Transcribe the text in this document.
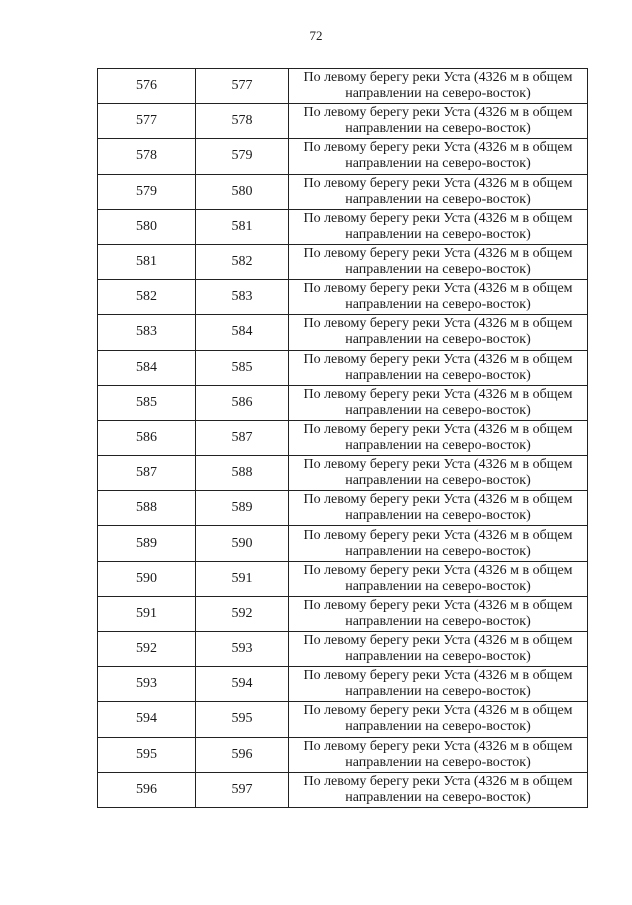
72
576	577	По левому берегу реки Уста (4326 м в общем
направлении на северо-восток)

577	578	По левому берегу реки Уста (4326 м в общем
направлении на северо-восток)

578	579	По левому берегу реки Уста (4326 м в общем
направлении на северо-восток)

579	580	По левому берегу реки Уста (4326 м в общем
направлении на северо-восток)

580	581	По левому берегу реки Уста (4326 м в общем
направлении на северо-восток)

581	582	По левому берегу реки Уста (4326 м в общем
направлении на северо-восток)

582	583	По левому берегу реки Уста (4326 м в общем
направлении на северо-восток)

583	584	По левому берегу реки Уста (4326 м в общем
направлении на северо-восток)

584	585	По левому берегу реки Уста (4326 м в общем
направлении на северо-восток)

585	586	По левому берегу реки Уста (4326 м в общем
направлении на северо-восток)

586	587	По левому берегу реки Уста (4326 м в общем
направлении на северо-восток)

587	588	По левому берегу реки Уста (4326 м в общем
направлении на северо-восток)

588	589	По левому берегу реки Уста (4326 м в общем
направлении на северо-восток)

589	590	По левому берегу реки Уста (4326 м в общем
направлении на северо-восток)

590	591	По левому берегу реки Уста (4326 м в общем
направлении на северо-восток)

591	592	По левому берегу реки Уста (4326 м в общем
направлении на северо-восток)

592	593	По левому берегу реки Уста (4326 м в общем
направлении на северо-восток)

593	594	По левому берегу реки Уста (4326 м в общем
направлении на северо-восток)

594	595	По левому берегу реки Уста (4326 м в общем
направлении на северо-восток)

595	596	По левому берегу реки Уста (4326 м в общем
направлении на северо-восток)

596	597	По левому берегу реки Уста (4326 м в общем
направлении на северо-восток)
